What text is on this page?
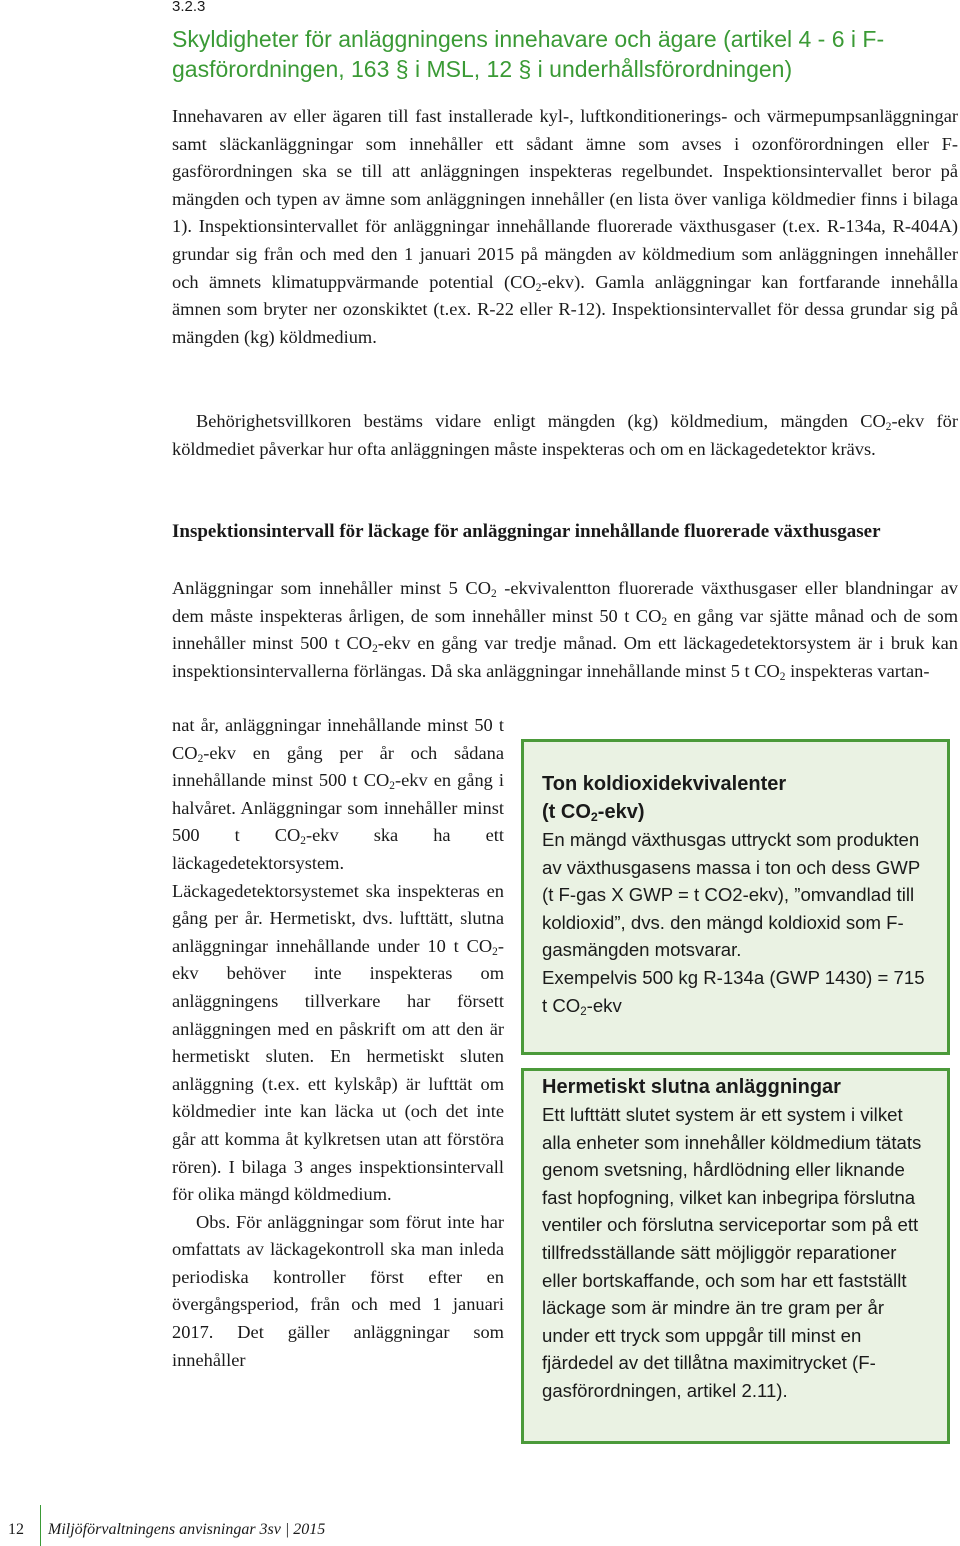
3.2.3
Skyldigheter för anläggningens innehavare och ägare (artikel 4 - 6 i F-gasförordningen, 163 § i MSL, 12 § i underhållsförordningen)

Innehavaren av eller ägaren till fast installerade kyl-, luftkonditionerings- och värmepumpsanläggningar samt släckanläggningar som innehåller ett sådant ämne som avses i ozonförordningen eller F-gasförordningen ska se till att anläggningen inspekteras regelbundet. Inspektionsintervallet beror på mängden och typen av ämne som anläggningen innehåller (en lista över vanliga köldmedier finns i bilaga 1). Inspektionsintervallet för anläggningar innehållande fluorerade växthusgaser (t.ex. R-134a, R-404A) grundar sig från och med den 1 januari 2015 på mängden av köldmedium som anläggningen innehåller och ämnets klimatuppvärmande potential $(CO_2-ekv)$. Gamla anläggningar kan fortfarande innehålla ämnen som bryter ner ozonskiktet (t.ex. R-22 eller R-12). Inspektionsintervallet för dessa grundar sig på mängden (kg) köldmedium.

Behörighetsvillkoren bestäms vidare enligt mängden (kg) köldmedium, mängden $CO_2$-ekv för köldmediet påverkar hur ofta anläggningen måste inspekteras och om en läckagedetektor krävs.

Inspektionsintervall för läckage för anläggningar innehållande fluorerade växthusgaser

Anläggningar som innehåller minst 5 $CO_2$ -ekvivalentton fluorerade växthusgaser eller blandningar av dem måste inspekteras årligen, de som innehåller minst 50 t $CO_2$ en gång var sjätte månad och de som innehåller minst 500 t $CO_2$-ekv en gång var tredje månad. Om ett läckagedetektorsystem är i bruk kan inspektionsintervallerna förlängas. Då ska anläggningar innehållande minst 5 t $CO_2$ inspekteras vartan-

nat år, anläggningar innehållande minst 50 t $CO_2$-ekv en gång per år och sådana innehållande minst 500 t $CO_2$-ekv en gång i halvåret. Anläggningar som innehåller minst 500 t $CO_2$-ekv ska ha ett läckagedetektorsystem. Läckagedetektorsystemet ska inspekteras en gång per år. Hermetiskt, dvs. lufttätt, slutna anläggningar innehållande under 10 t $CO_2$-ekv behöver inte inspekteras om anläggningens tillverkare har försett anläggningen med en påskrift om att den är hermetiskt sluten. En hermetiskt sluten anläggning (t.ex. ett kylskåp) är lufttät om köldmedier inte kan läcka ut (och det inte går att komma åt kylkretsen utan att förstöra rören). I bilaga 3 anges inspektionsintervall för olika mängd köldmedium.

Obs. För anläggningar som förut inte har omfattats av läckagekontroll ska man inleda periodiska kontroller först efter en övergångsperiod, från och med 1 januari 2017. Det gäller anläggningar som innehåller

Ton koldioxidekvivalenter
(t $CO_2-ekv$)

En mängd växthusgas uttryckt som produkten av växthusgasens massa i ton och dess GWP (t F-gas X GWP = t CO2-ekv), ”omvandlad till koldioxid”, dvs. den mängd koldioxid som F-gasmängden motsvarar.

Exempelvis 500 kg R-134a (GWP 1430) = 715 t $CO_2$-ekv

Hermetiskt slutna anläggningar

Ett lufttätt slutet system är ett system i vilket alla enheter som innehåller köldmedium tätats genom svetsning, hårdlödning eller liknande fast hopfogning, vilket kan inbegripa förslutna ventiler och förslutna serviceportar som på ett tillfredsställande sätt möjliggör reparationer eller bortskaffande, och som har ett fastställt läckage som är mindre än tre gram per år under ett tryck som uppgår till minst en fjärdedel av det tillåtna maximitrycket (F-gasförordningen, artikel 2.11).

12 Miljöförvaltningens anvisningar 3sv | 2015
